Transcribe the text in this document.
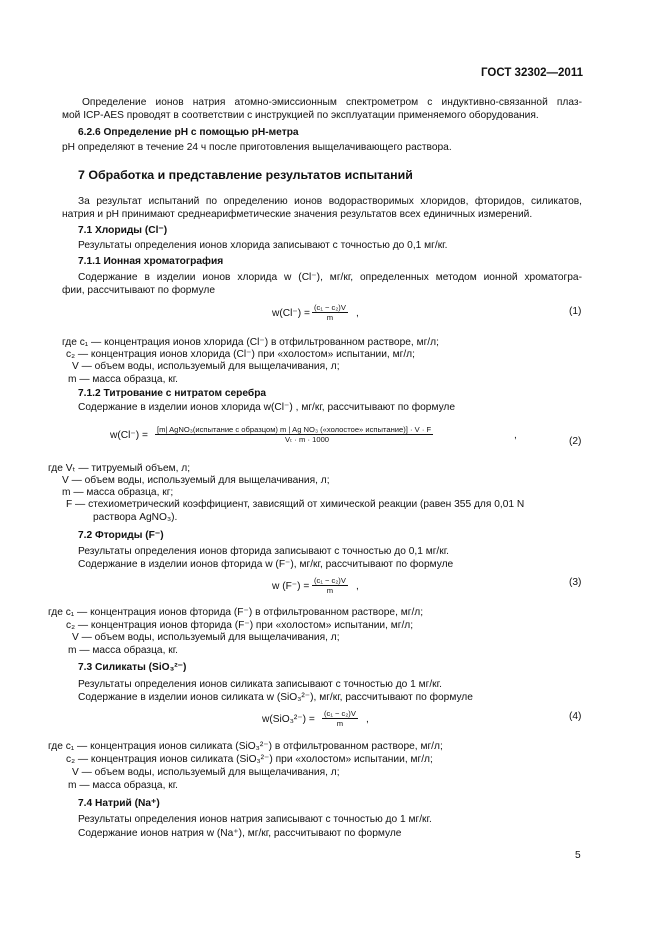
ГОСТ 32302—2011
Определение ионов натрия атомно-эмиссионным спектрометром с индуктивно-связанной плаз-
мой ICP-AES проводят в соответствии с инструкцией по эксплуатации применяемого оборудования.
6.2.6 Определение рН с помощью рН-метра
рН определяют в течение 24 ч после приготовления выщелачивающего раствора.
7 Обработка и представление результатов испытаний
За результат испытаний по определению ионов водорастворимых хлоридов, фторидов, силикатов,
натрия и рН принимают среднеарифметические значения результатов всех единичных измерений.
7.1 Хлориды (Cl⁻)
Результаты определения ионов хлорида записывают с точностью до 0,1 мг/кг.
7.1.1 Ионная хроматография
Содержание в изделии ионов хлорида w (Cl⁻), мг/кг, определенных методом ионной хроматогра-
фии, рассчитывают по формуле
$w(Cl^-) = \frac{\text{(c₁ − c₂)V}}{m}$ ,	(1)
где c₁ — концентрация ионов хлорида (Cl⁻) в отфильтрованном растворе, мг/л;
c₂ — концентрация ионов хлорида (Cl⁻) при «холостом» испытании, мг/л;
V — объем воды, используемый для выщелачивания, л;
m — масса образца, кг.
7.1.2 Титрование с нитратом серебра
Содержание в изделии ионов хлорида w(Cl⁻) , мг/кг, рассчитывают по формуле
w(Cl⁻) =
[m| AgNO₃(испытание с образцом) m | Ag NO₃ («холостое» испытание)] · V · F
Vₜ · m · 1000	,
(2)
где Vₜ — титруемый объем, л;
V — объем воды, используемый для выщелачивания, л;
m — масса образца, кг;
F — стехиометрический коэффициент, зависящий от химической реакции (равен 355 для 0,01 N
раствора AgNO₃).
7.2 Фториды (F⁻)
Результаты определения ионов фторида записывают с точностью до 0,1 мг/кг.
Содержание в изделии ионов фторида w (F⁻), мг/кг, рассчитывают по формуле
w $(F^-) = \frac{\text{(c₁ − c₂)V}}{m}$ ,	(3)
где c₁ — концентрация ионов фторида (F⁻) в отфильтрованном растворе, мг/л;
c₂ — концентрация ионов фторида (F⁻) при «холостом» испытании, мг/л;
V — объем воды, используемый для выщелачивания, л;
m — масса образца, кг.
7.3 Силикаты (SiO₃²⁻)
Результаты определения ионов силиката записывают с точностью до 1 мг/кг.
Содержание в изделии ионов силиката w (SiO₃²⁻), мг/кг, рассчитывают по формуле
$w(SiO_3^{2-}) = \frac{\text{(c₁ − c₂)V}}{m}$ ,	(4)
где c₁ — концентрация ионов силиката (SiO₃²⁻) в отфильтрованном растворе, мг/л;
c₂ — концентрация ионов силиката (SiO₃²⁻) при «холостом» испытании, мг/л;
V — объем воды, используемый для выщелачивания, л;
m — масса образца, кг.
7.4 Натрий (Na⁺)
Результаты определения ионов натрия записывают с точностью до 1 мг/кг.
Содержание ионов натрия w (Na⁺), мг/кг, рассчитывают по формуле
5
